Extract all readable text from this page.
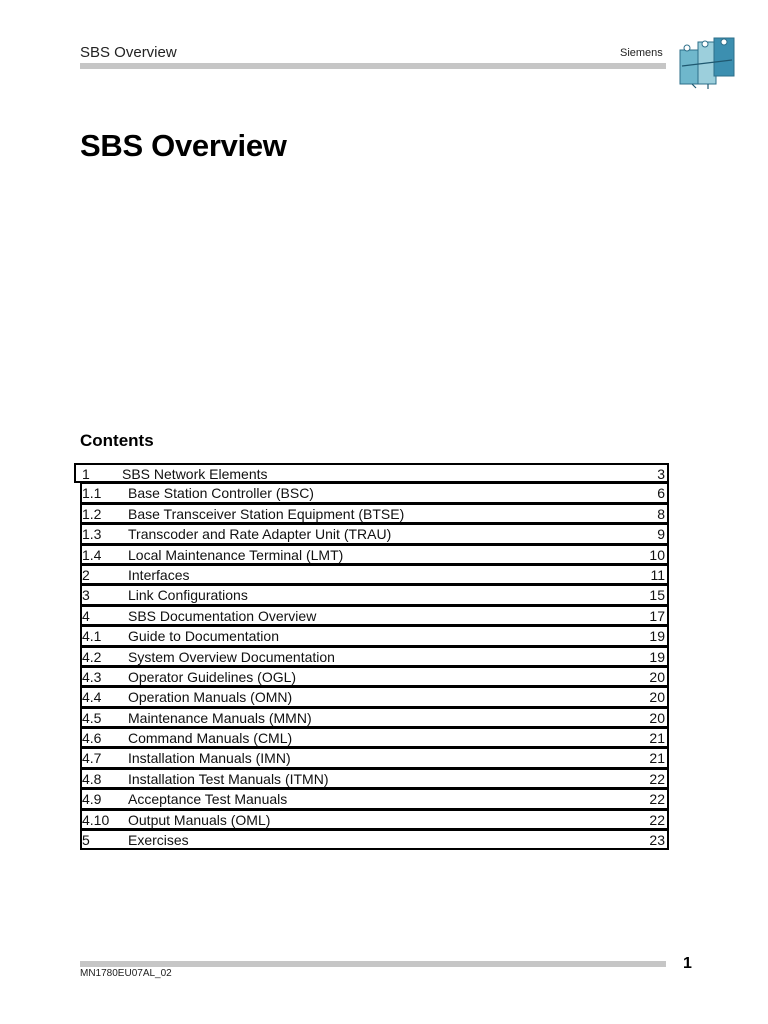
SBS Overview	Siemens
SBS Overview
Contents
1 SBS Network Elements	3
1.1 Base Station Controller (BSC)	6
1.2 Base Transceiver Station Equipment (BTSE)	8
1.3 Transcoder and Rate Adapter Unit (TRAU)	9
1.4 Local Maintenance Terminal (LMT)	10
2	Interfaces	11
3	Link Configurations	15
4	SBS Documentation Overview	17
4.1 Guide to Documentation	19
4.2 System Overview Documentation	19
4.3 Operator Guidelines (OGL)	20
4.4 Operation Manuals (OMN)	20
4.5 Maintenance Manuals (MMN)	20
4.6 Command Manuals (CML)	21
4.7 Installation Manuals (IMN)	21
4.8 Installation Test Manuals (ITMN)	22
4.9 Acceptance Test Manuals	22
4.10 Output Manuals (OML)	22
5	Exercises	23
MN1780EU07AL_02
1
